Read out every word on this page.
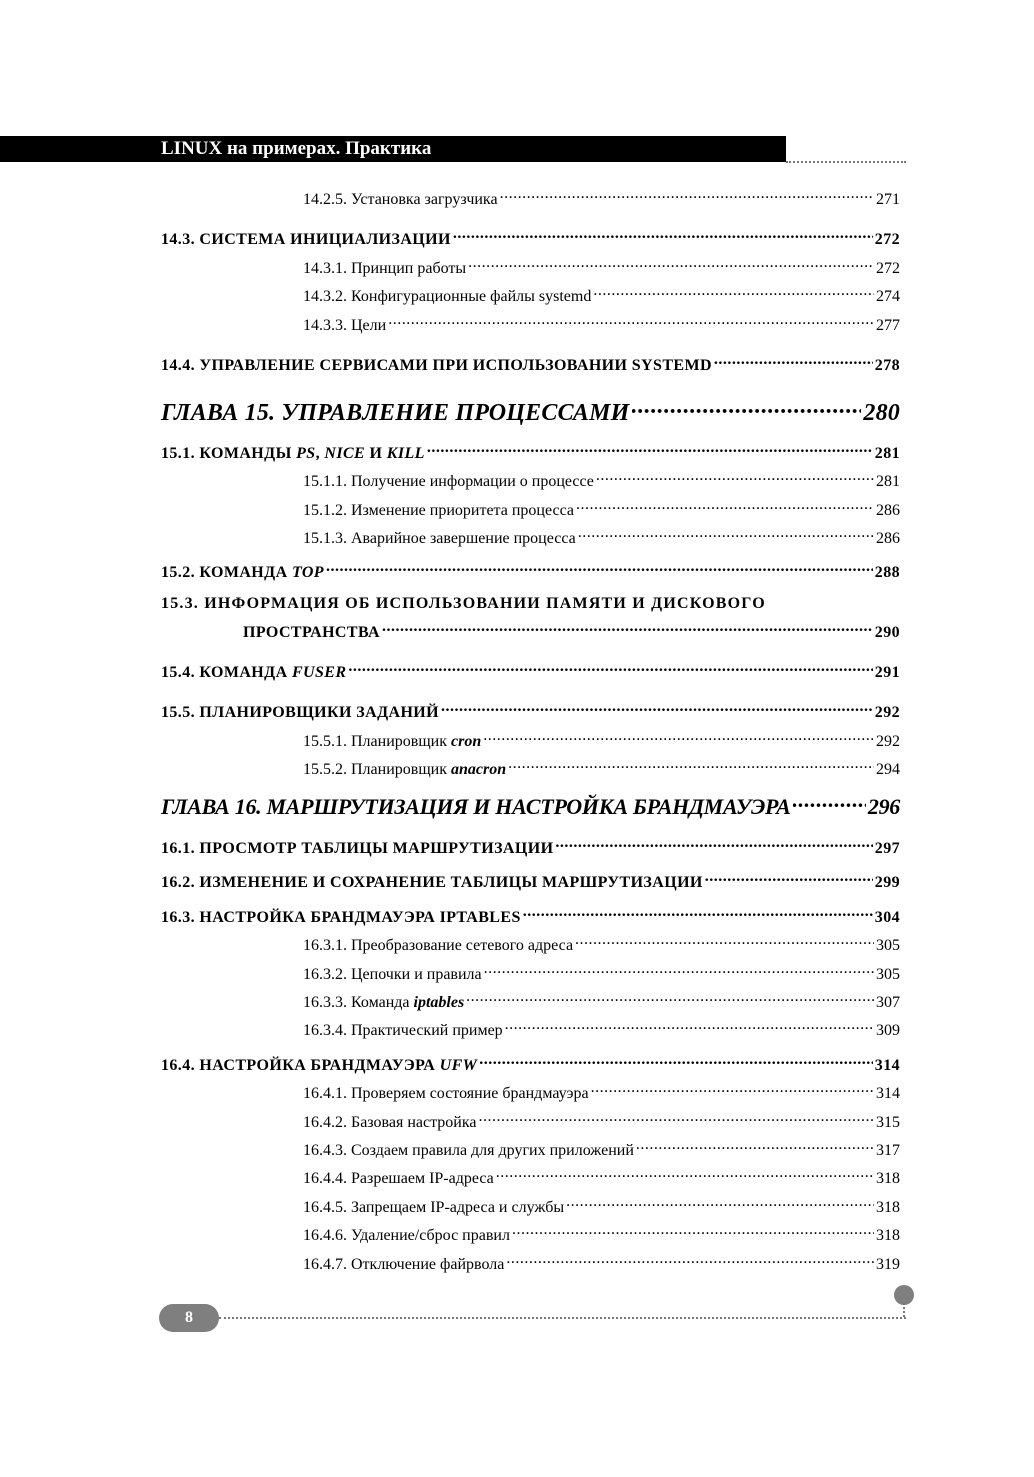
LINUX на примерах. Практика
14.2.5. Установка загрузчика .....	271
14.3. СИСТЕМА ИНИЦИАЛИЗАЦИИ .....	272
14.3.1. Принцип работы .....	272
14.3.2. Конфигурационные файлы systemd .....	274
14.3.3. Цели .....	277
14.4. УПРАВЛЕНИЕ СЕРВИСАМИ ПРИ ИСПОЛЬЗОВАНИИ SYSTEMD .....	278
ГЛАВА 15. УПРАВЛЕНИЕ ПРОЦЕССАМИ .....	280
15.1. КОМАНДЫ PS, NICE И KILL .....	281
15.1.1. Получение информации о процессе .....	281
15.1.2. Изменение приоритета процесса .....	286
15.1.3. Аварийное завершение процесса .....	286
15.2. КОМАНДА TOP .....	288
15.3. ИНФОРМАЦИЯ ОБ ИСПОЛЬЗОВАНИИ ПАМЯТИ И ДИСКОВОГО
ПРОСТРАНСТВА .....	290
15.4. КОМАНДА FUSER .....	291
15.5. ПЛАНИРОВЩИКИ ЗАДАНИЙ .....	292
15.5.1. Планировщик cron .....	292
15.5.2. Планировщик anacron .....	294
ГЛАВА 16. МАРШРУТИЗАЦИЯ И НАСТРОЙКА БРАНДМАУЭРА .....	296
16.1. ПРОСМОТР ТАБЛИЦЫ МАРШРУТИЗАЦИИ .....	297
16.2. ИЗМЕНЕНИЕ И СОХРАНЕНИЕ ТАБЛИЦЫ МАРШРУТИЗАЦИИ .....	299
16.3. НАСТРОЙКА БРАНДМАУЭРА IPTABLES .....	304
16.3.1. Преобразование сетевого адреса .....	305
16.3.2. Цепочки и правила .....	305
16.3.3. Команда iptables .....	307
16.3.4. Практический пример .....	309
16.4. НАСТРОЙКА БРАНДМАУЭРА UFW .....	314
16.4.1. Проверяем состояние брандмауэра .....	314
16.4.2. Базовая настройка .....	315
16.4.3. Создаем правила для других приложений .....	317
16.4.4. Разрешаем IP-адреса .....	318
16.4.5. Запрещаем IP-адреса и службы .....	318
16.4.6. Удаление/сброс правил .....	318
16.4.7. Отключение файрвола .....	319
8
